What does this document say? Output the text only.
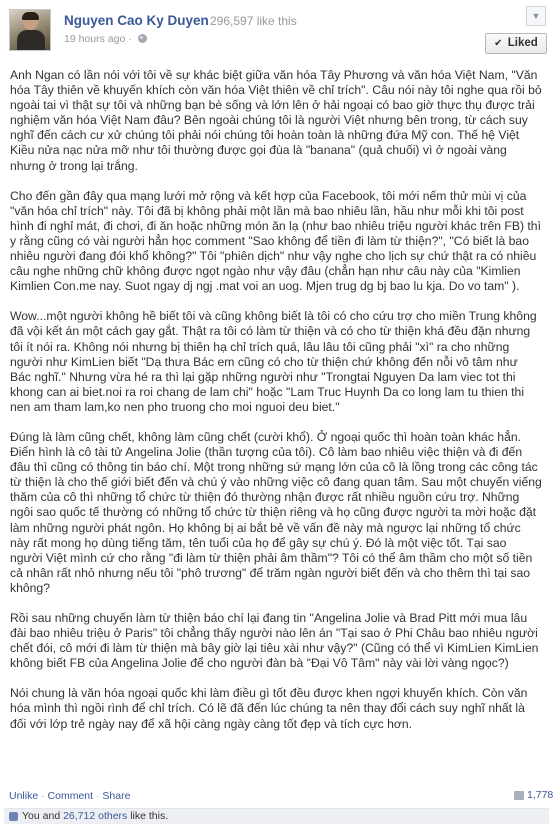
Nguyen Cao Ky Duyen 296,597 like this
19 hours ago ·
▼
✔ Liked

Anh Ngan có lần nói với tôi về sự khác biệt giữa văn hóa Tây Phương và văn hóa Việt Nam, "Văn hóa Tây thiên về khuyến khích còn văn hóa Việt thiên về chỉ trích". Câu nói này tôi nghe qua rồi bỏ ngoài tai vì thật sự tôi và những bạn bè sống và lớn lên ở hải ngoại có bao giờ thực thụ được trải nghiệm văn hóa Việt Nam đâu? Bên ngoài chúng tôi là người Việt nhưng bên trong, từ cách suy nghĩ đến cách cư xử chúng tôi phải nói chúng tôi hoàn toàn là những đứa Mỹ con. Thế hệ Việt Kiều nửa nạc nửa mỡ như tôi thường được gọi đùa là "banana" (quả chuối) vì ở ngoài vàng nhưng ở trong lại trắng.

Cho đến gần đây qua mạng lưới mở rộng và kết hợp của Facebook, tôi mới nếm thử mùi vị của "văn hóa chỉ trích" này. Tôi đã bị không phải một lần mà bao nhiêu lần, hầu như mỗi khi tôi post hình đi nghỉ mát, đi chơi, đi ăn hoặc những món ăn lạ (như bao nhiêu triệu người khác trên FB) thì y rằng cũng có vài người hẳn học comment "Sao không để tiền đi làm từ thiện?", "Có biết là bao nhiêu người đang đói khổ không?" Tôi "phiên dịch" như vậy nghe cho lịch sự chứ thật ra có nhiều câu nghe những chữ không được ngọt ngào như vậy đâu (chẳn hạn như câu này của "Kimlien Kimlien Con.me nay. Suot ngay dj ngj .mat voi an uog. Mjen trug dg bj bao lu kja. Do vo tam" ).

Wow...một người không hề biết tôi và cũng không biết là tôi có cho cứu trợ cho miền Trung không đã vội kết án một cách gay gắt. Thật ra tôi có làm từ thiện và có cho từ thiện khá đều đặn nhưng tôi ít nói ra. Không nói nhưng bị thiên hạ chỉ trích quá, lâu lâu tôi cũng phải "xì" ra cho những người như KimLien biết "Dạ thưa Bác em cũng có cho từ thiện chứ không đến nỗi vô tâm như Bác nghĩ." Nhưng vừa hé ra thì lại gặp những người như "Trongtai Nguyen Da lam viec tot thi khong can ai biet.noi ra roi chang de lam chi" hoặc "Lam Truc Huynh Da co long lam tu thien thi nen am tham lam,ko nen pho truong cho moi nguoi deu biet."

Đúng là làm cũng chết, không làm cũng chết (cười khổ). Ở ngoại quốc thì hoàn toàn khác hẳn. Điển hình là cô tài tử Angelina Jolie (thần tượng của tôi). Cô làm bao nhiêu việc thiện và đi đến đâu thì cũng có thông tin báo chí. Một trong những sứ mạng lớn của cô là lồng trong các công tác từ thiện là cho thế giới biết đến và chú ý vào những việc cô đang quan tâm. Sau một chuyến viếng thăm của cô thì những tổ chức từ thiện đó thường nhận được rất nhiều nguồn cứu trợ. Những ngôi sao quốc tế thường có những tổ chức từ thiện riêng và họ cũng được người ta mời hoặc đặt làm những người phát ngôn. Họ không bị ai bắt bẻ về vấn đề này mà ngược lại những tổ chức này rất mong họ dùng tiếng tăm, tên tuổi của họ để gây sự chú ý. Đó là một việc tốt. Tại sao người Việt mình cứ cho rằng "đi làm từ thiện phải âm thầm"? Tôi có thể âm thầm cho một số tiền cả nhân rất nhỏ nhưng nếu tôi "phô trương" để trăm ngàn người biết đến và cho thêm thì tại sao không?

Rồi sau những chuyến làm từ thiện báo chí lại đang tin "Angelina Jolie và Brad Pitt mới mua lâu đài bao nhiêu triệu ở Paris" tôi chẳng thấy người nào lên án "Tại sao ở Phi Châu bao nhiêu người chết đói, cô mới đi làm từ thiện mà bây giờ lại tiêu xài như vậy?" (Cũng có thể vì KimLien KimLien không biết FB của Angelina Jolie để cho người đàn bà "Đại Vô Tâm" này vài lời vàng ngọc?)

Nói chung là văn hóa ngoại quốc khi làm điều gì tốt đều được khen ngợi khuyến khích. Còn văn hóa mình thì ngồi rình để chỉ trích. Có lẽ đã đến lúc chúng ta nên thay đổi cách suy nghĩ nhất là đối với lớp trẻ ngày nay để xã hội càng ngày càng tốt đẹp và tích cực hơn.

Unlike · Comment · Share	1,778
You and 26,712 others like this.
